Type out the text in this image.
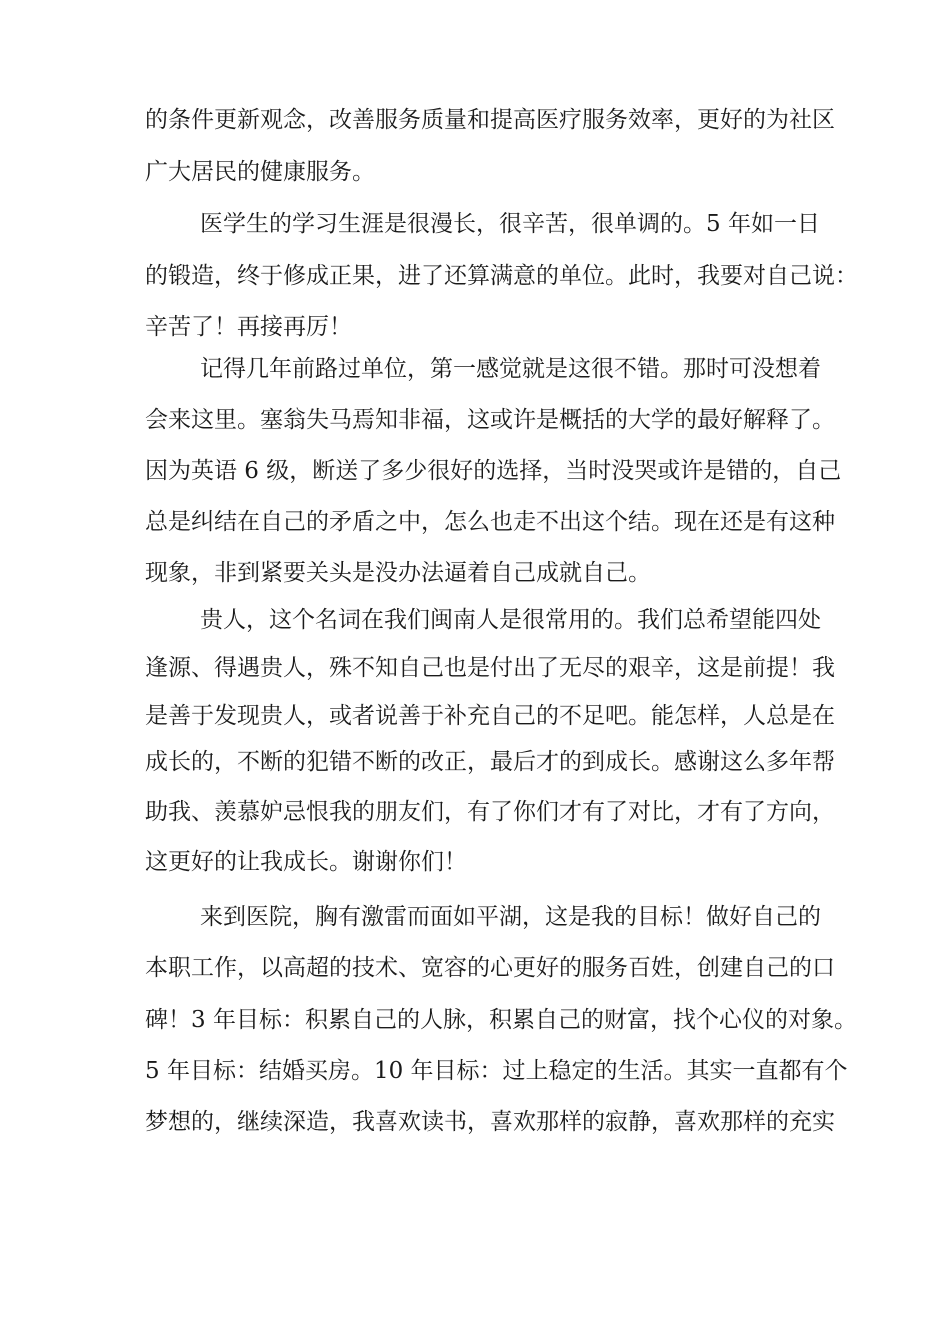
的条件更新观念，改善服务质量和提高医疗服务效率，更好的为社区
广大居民的健康服务。
医学生的学习生涯是很漫长，很辛苦，很单调的。5 年如一日
的锻造，终于修成正果，进了还算满意的单位。此时，我要对自己说：
辛苦了！再接再厉！
记得几年前路过单位，第一感觉就是这很不错。那时可没想着
会来这里。塞翁失马焉知非福，这或许是概括的大学的最好解释了。
因为英语 6 级，断送了多少很好的选择，当时没哭或许是错的，自己
总是纠结在自己的矛盾之中，怎么也走不出这个结。现在还是有这种
现象，非到紧要关头是没办法逼着自己成就自己。
贵人，这个名词在我们闽南人是很常用的。我们总希望能四处
逢源、得遇贵人，殊不知自己也是付出了无尽的艰辛，这是前提！我
是善于发现贵人，或者说善于补充自己的不足吧。能怎样，人总是在
成长的，不断的犯错不断的改正，最后才的到成长。感谢这么多年帮
助我、羡慕妒忌恨我的朋友们，有了你们才有了对比，才有了方向，
这更好的让我成长。谢谢你们！
来到医院，胸有激雷而面如平湖，这是我的目标！做好自己的
本职工作，以高超的技术、宽容的心更好的服务百姓，创建自己的口
碑！3 年目标：积累自己的人脉，积累自己的财富，找个心仪的对象。
5 年目标：结婚买房。10 年目标：过上稳定的生活。其实一直都有个
梦想的，继续深造，我喜欢读书，喜欢那样的寂静，喜欢那样的充实
